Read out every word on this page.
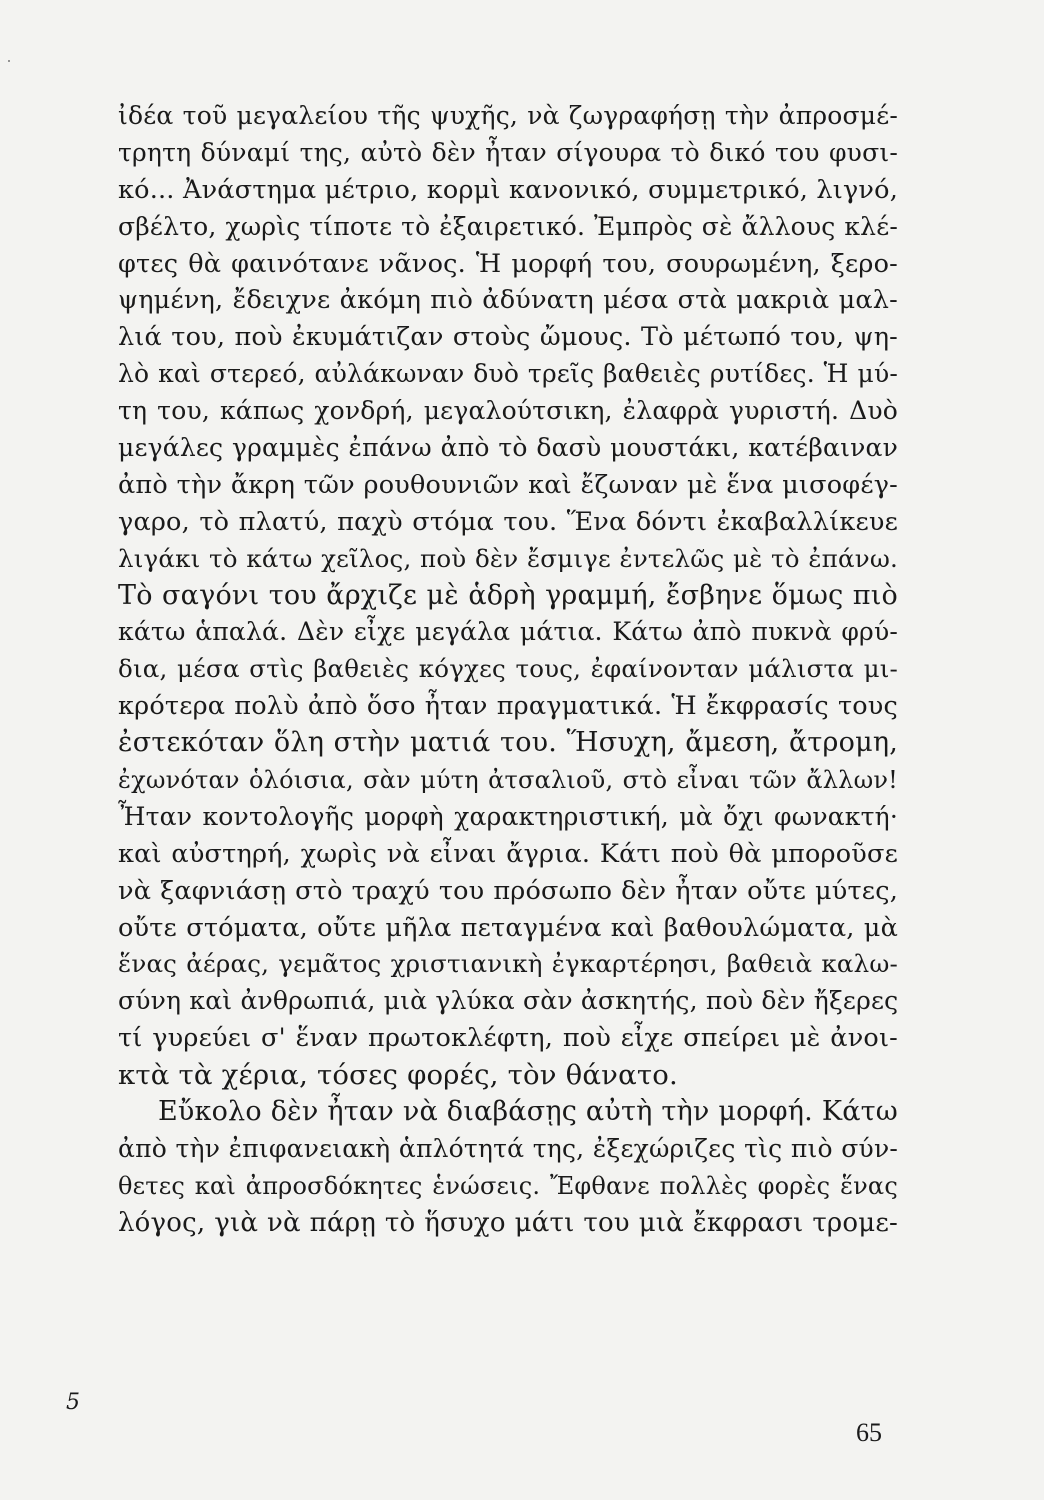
ἰδέα τοῦ μεγαλείου τῆς ψυχῆς, νὰ ζωγραφήσῃ τὴν ἀπροσμέ-
τρητη δύναμί της, αὐτὸ δὲν ἦταν σίγουρα τὸ δικό του φυσι-
κό... Ἀνάστημα μέτριο, κορμὶ κανονικό, συμμετρικό, λιγνό,
σβέλτο, χωρὶς τίποτε τὸ ἐξαιρετικό. Ἐμπρὸς σὲ ἄλλους κλέ-
φτες θὰ φαινότανε νᾶνος. Ἡ μορφή του, σουρωμένη, ξερο-
ψημένη, ἔδειχνε ἀκόμη πιὸ ἀδύνατη μέσα στὰ μακριὰ μαλ-
λιά του, ποὺ ἐκυμάτιζαν στοὺς ὤμους. Τὸ μέτωπό του, ψη-
λὸ καὶ στερεό, αὐλάκωναν δυὸ τρεῖς βαθειὲς ρυτίδες. Ἡ μύ-
τη του, κάπως χονδρή, μεγαλούτσικη, ἐλαφρὰ γυριστή. Δυὸ
μεγάλες γραμμὲς ἐπάνω ἀπὸ τὸ δασὺ μουστάκι, κατέβαιναν
ἀπὸ τὴν ἄκρη τῶν ρουθουνιῶν καὶ ἔζωναν μὲ ἕνα μισοφέγ-
γαρο, τὸ πλατύ, παχὺ στόμα του. Ἕνα δόντι ἐκαβαλλίκευε
λιγάκι τὸ κάτω χεῖλος, ποὺ δὲν ἔσμιγε ἐντελῶς μὲ τὸ ἐπάνω.
Τὸ σαγόνι του ἄρχιζε μὲ ἁδρὴ γραμμή, ἔσβηνε ὅμως πιὸ
κάτω ἁπαλά. Δὲν εἶχε μεγάλα μάτια. Κάτω ἀπὸ πυκνὰ φρύ-
δια, μέσα στὶς βαθειὲς κόγχες τους, ἐφαίνονταν μάλιστα μι-
κρότερα πολὺ ἀπὸ ὅσο ἦταν πραγματικά. Ἡ ἔκφρασίς τους
ἐστεκόταν ὅλη στὴν ματιά του. Ἥσυχη, ἄμεση, ἄτρομη,
ἐχωνόταν ὁλόισια, σὰν μύτη ἀτσαλιοῦ, στὸ εἶναι τῶν ἄλλων!
Ἦταν κοντολογῆς μορφὴ χαρακτηριστική, μὰ ὄχι φωνακτή·
καὶ αὐστηρή, χωρὶς νὰ εἶναι ἄγρια. Κάτι ποὺ θὰ μποροῦσε
νὰ ξαφνιάσῃ στὸ τραχύ του πρόσωπο δὲν ἦταν οὔτε μύτες,
οὔτε στόματα, οὔτε μῆλα πεταγμένα καὶ βαθουλώματα, μὰ
ἕνας ἀέρας, γεμᾶτος χριστιανικὴ ἐγκαρτέρησι, βαθειὰ καλω-
σύνη καὶ ἀνθρωπιά, μιὰ γλύκα σὰν ἀσκητής, ποὺ δὲν ἤξερες
τί γυρεύει σ' ἕναν πρωτοκλέφτη, ποὺ εἶχε σπείρει μὲ ἀνοι-
κτὰ τὰ χέρια, τόσες φορές, τὸν θάνατο.
Εὔκολο δὲν ἦταν νὰ διαβάσῃς αὐτὴ τὴν μορφή. Κάτω
ἀπὸ τὴν ἐπιφανειακὴ ἁπλότητά της, ἐξεχώριζες τὶς πιὸ σύν-
θετες καὶ ἀπροσδόκητες ἑνώσεις. Ἔφθανε πολλὲς φορὲς ἕνας
λόγος, γιὰ νὰ πάρῃ τὸ ἥσυχο μάτι του μιὰ ἔκφρασι τρομε-
5
65
